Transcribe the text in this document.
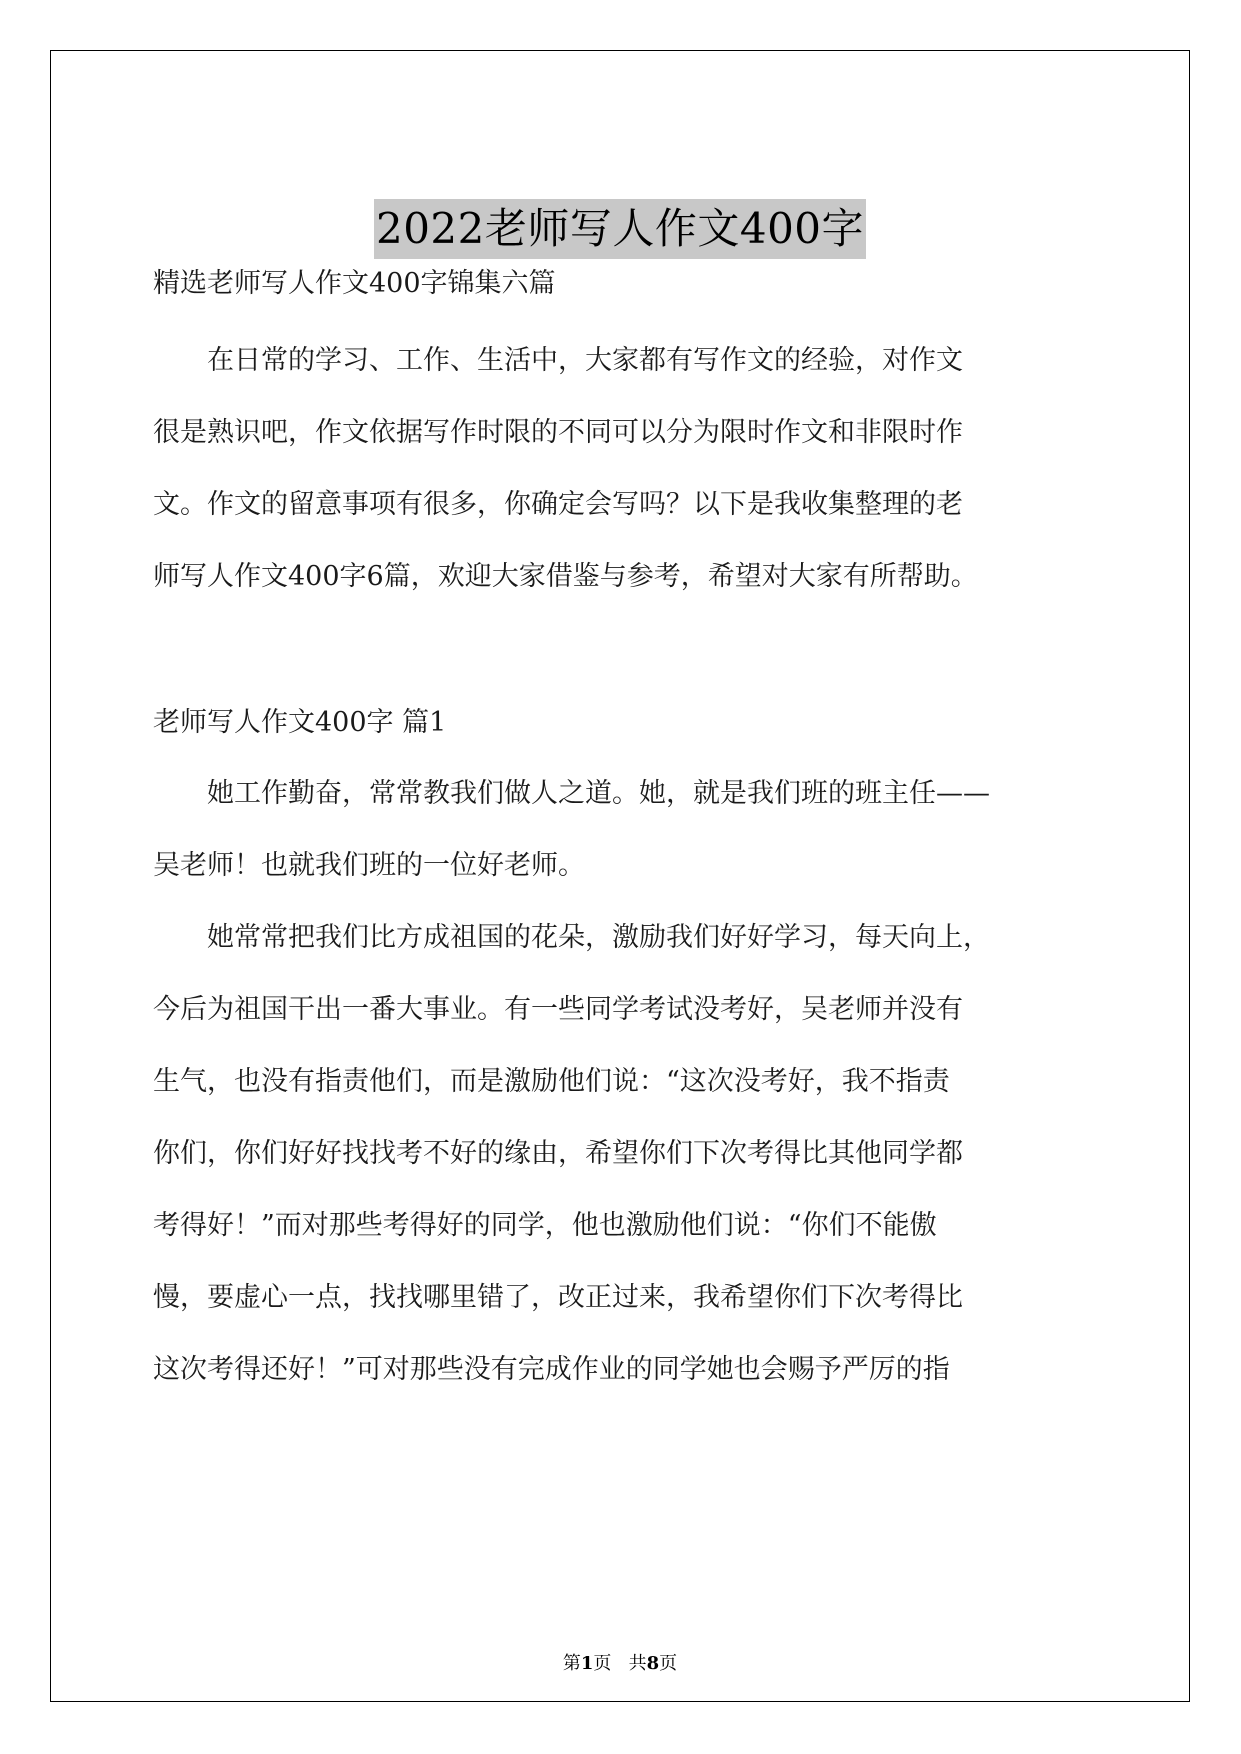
2022老师写人作文400字

精选老师写人作文400字锦集六篇

在日常的学习、工作、生活中，大家都有写作文的经验，对作文

很是熟识吧，作文依据写作时限的不同可以分为限时作文和非限时作

文。作文的留意事项有很多，你确定会写吗？以下是我收集整理的老

师写人作文400字6篇，欢迎大家借鉴与参考，希望对大家有所帮助。

老师写人作文400字 篇1

她工作勤奋，常常教我们做人之道。她，就是我们班的班主任——

吴老师！也就我们班的一位好老师。

她常常把我们比方成祖国的花朵，激励我们好好学习，每天向上，

今后为祖国干出一番大事业。有一些同学考试没考好，吴老师并没有

生气，也没有指责他们，而是激励他们说：“这次没考好，我不指责

你们，你们好好找找考不好的缘由，希望你们下次考得比其他同学都

考得好！”而对那些考得好的同学，他也激励他们说：“你们不能傲

慢，要虚心一点，找找哪里错了，改正过来，我希望你们下次考得比

这次考得还好！”可对那些没有完成作业的同学她也会赐予严厉的指

第1页   共8页
